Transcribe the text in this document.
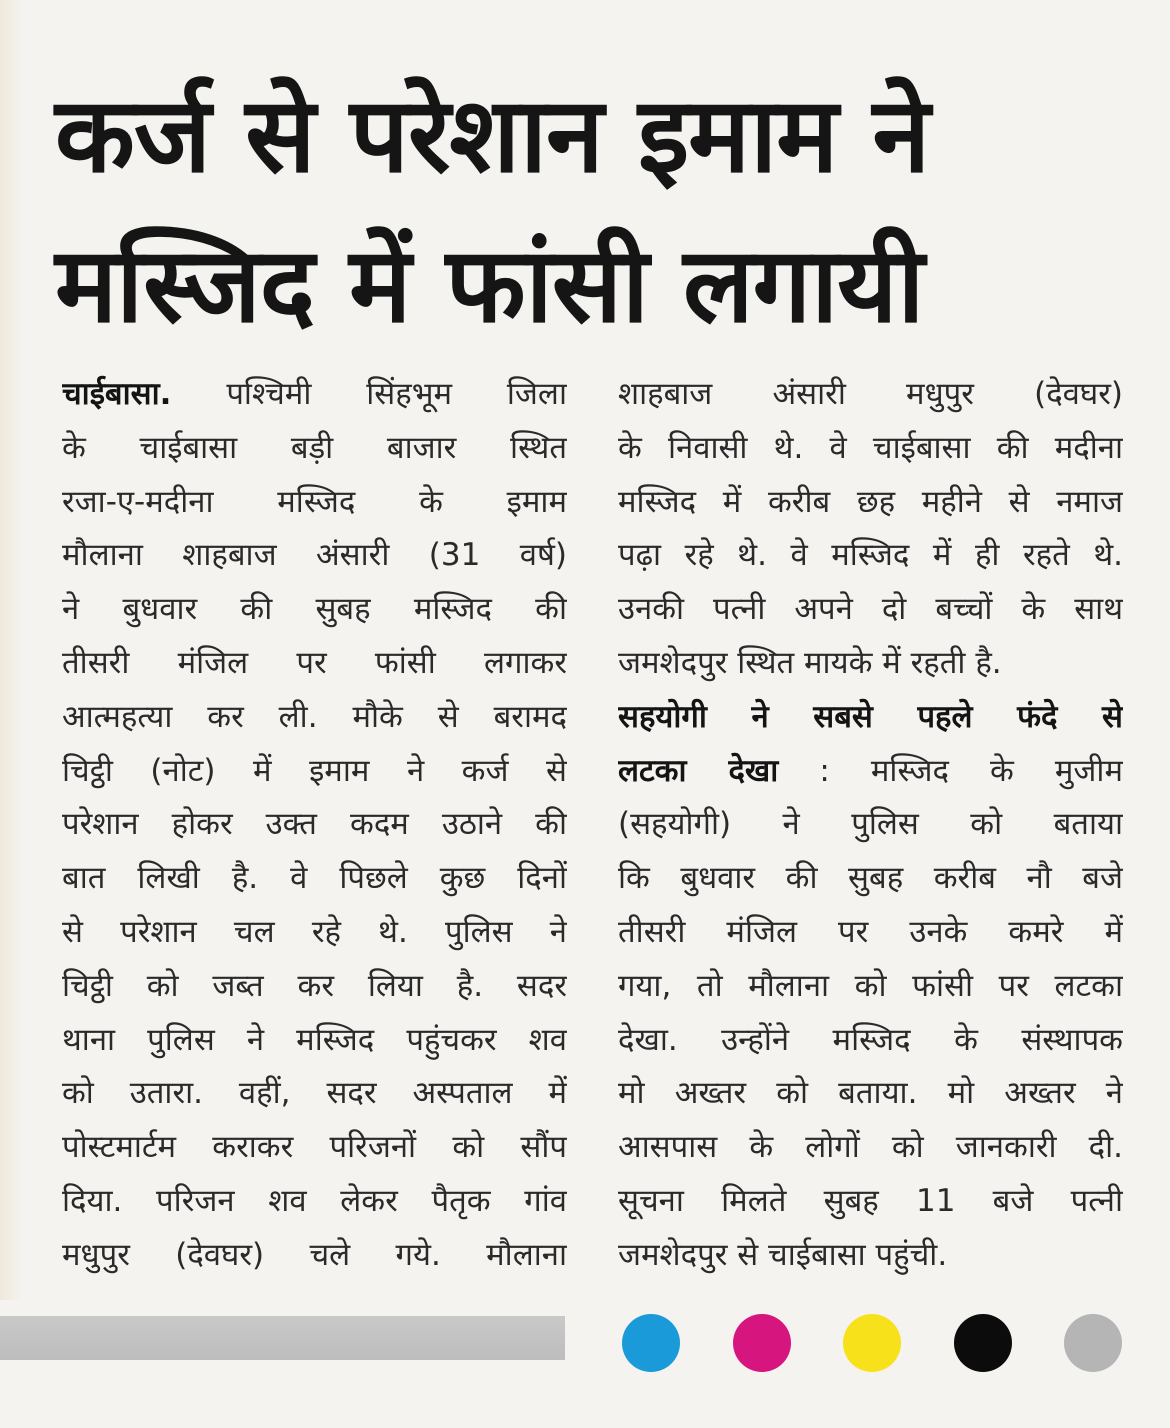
कर्ज से परेशान इमाम ने
मस्जिद में फांसी लगायी
चाईबासा. पश्चिमी सिंहभूम जिला
के चाईबासा बड़ी बाजार स्थित
रजा-ए-मदीना मस्जिद के इमाम
मौलाना शाहबाज अंसारी (31 वर्ष)
ने बुधवार की सुबह मस्जिद की
तीसरी मंजिल पर फांसी लगाकर
आत्महत्या कर ली. मौके से बरामद
चिट्ठी (नोट) में इमाम ने कर्ज से
परेशान होकर उक्त कदम उठाने की
बात लिखी है. वे पिछले कुछ दिनों
से परेशान चल रहे थे. पुलिस ने
चिट्ठी को जब्त कर लिया है. सदर
थाना पुलिस ने मस्जिद पहुंचकर शव
को उतारा. वहीं, सदर अस्पताल में
पोस्टमार्टम कराकर परिजनों को सौंप
दिया. परिजन शव लेकर पैतृक गांव
मधुपुर (देवघर) चले गये. मौलाना
शाहबाज अंसारी मधुपुर (देवघर)
के निवासी थे. वे चाईबासा की मदीना
मस्जिद में करीब छह महीने से नमाज
पढ़ा रहे थे. वे मस्जिद में ही रहते थे.
उनकी पत्नी अपने दो बच्चों के साथ
जमशेदपुर स्थित मायके में रहती है.
सहयोगी ने सबसे पहले फंदे से
लटका देखा : मस्जिद के मुजीम
(सहयोगी) ने पुलिस को बताया
कि बुधवार की सुबह करीब नौ बजे
तीसरी मंजिल पर उनके कमरे में
गया, तो मौलाना को फांसी पर लटका
देखा. उन्होंने मस्जिद के संस्थापक
मो अख्तर को बताया. मो अख्तर ने
आसपास के लोगों को जानकारी दी.
सूचना मिलते सुबह 11 बजे पत्नी
जमशेदपुर से चाईबासा पहुंची.
